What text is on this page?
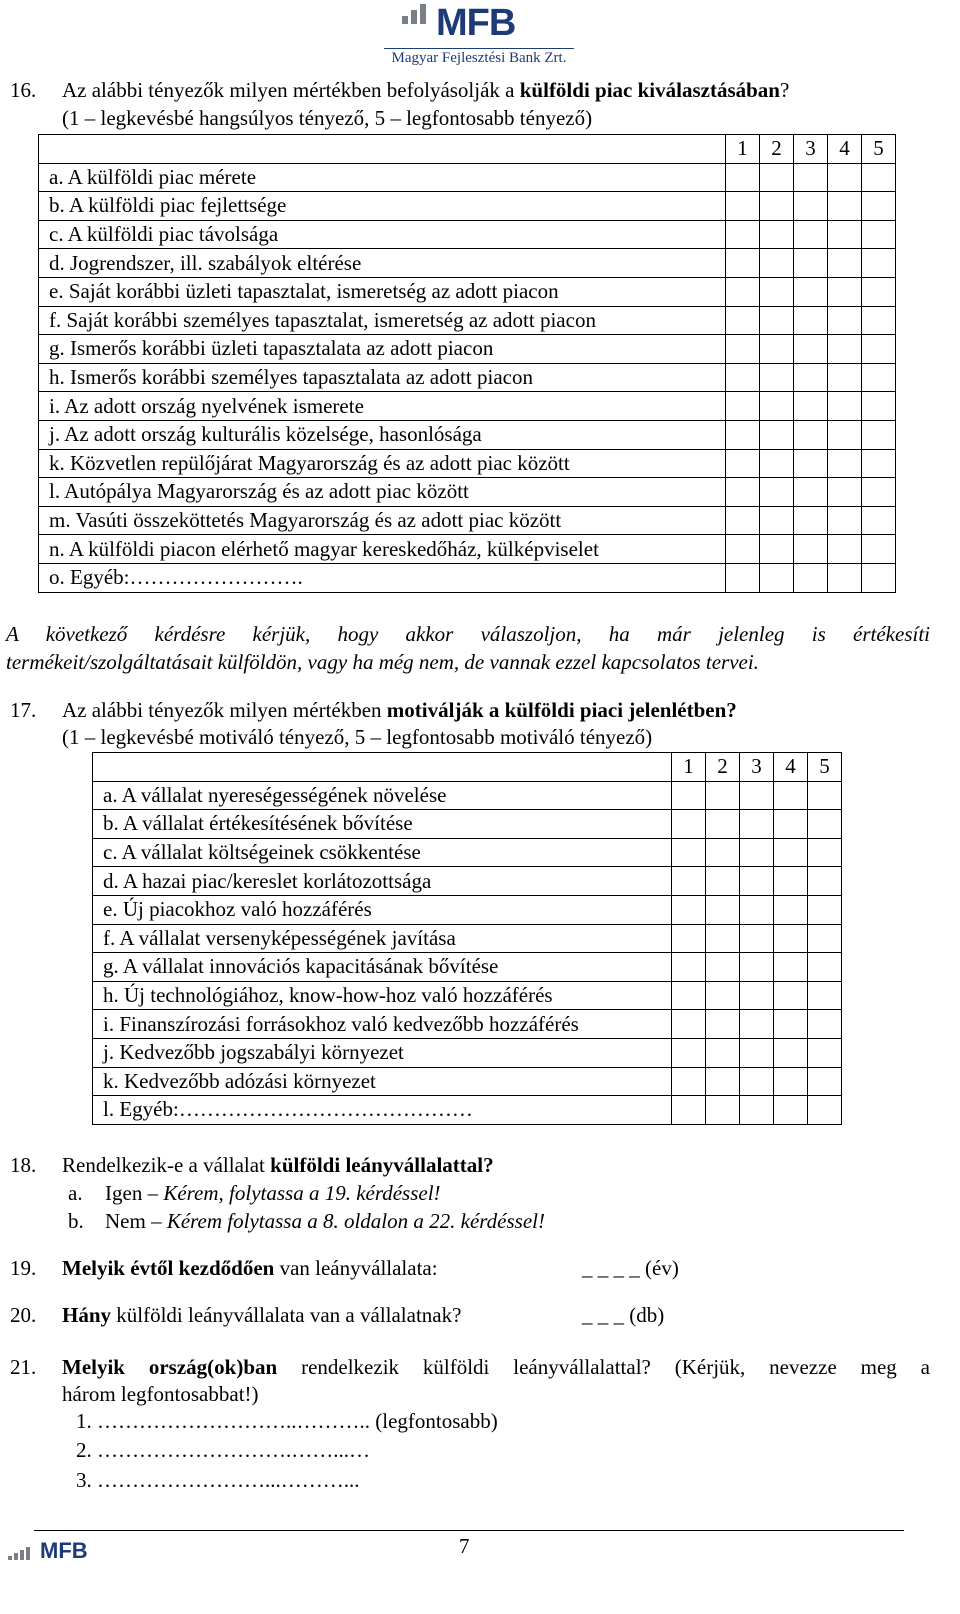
MFB
Magyar Fejlesztési Bank Zrt.
16. Az alábbi tényezők milyen mértékben befolyásolják a külföldi piac kiválasztásában?
(1 – legkevésbé hangsúlyos tényező, 5 – legfontosabb tényező)
	1	2	3	4	5
a. A külföldi piac mérete					
b. A külföldi piac fejlettsége					
c. A külföldi piac távolsága					
d. Jogrendszer, ill. szabályok eltérése					
e. Saját korábbi üzleti tapasztalat, ismeretség az adott piacon					
f. Saját korábbi személyes tapasztalat, ismeretség az adott piacon					
g. Ismerős korábbi üzleti tapasztalata az adott piacon					
h. Ismerős korábbi személyes tapasztalata az adott piacon					
i. Az adott ország nyelvének ismerete					
j. Az adott ország kulturális közelsége, hasonlósága					
k. Közvetlen repülőjárat Magyarország és az adott piac között					
l. Autópálya Magyarország és az adott piac között					
m. Vasúti összeköttetés Magyarország és az adott piac között					
n. A külföldi piacon elérhető magyar kereskedőház, külképviselet					
o. Egyéb:…………………….					
A következő kérdésre kérjük, hogy akkor válaszoljon, ha már jelenleg is értékesíti
termékeit/szolgáltatásait külföldön, vagy ha még nem, de vannak ezzel kapcsolatos tervei.
17. Az alábbi tényezők milyen mértékben motiválják a külföldi piaci jelenlétben?
(1 – legkevésbé motiváló tényező, 5 – legfontosabb motiváló tényező)
	1	2	3	4	5
a. A vállalat nyereségességének növelése					
b. A vállalat értékesítésének bővítése					
c. A vállalat költségeinek csökkentése					
d. A hazai piac/kereslet korlátozottsága					
e. Új piacokhoz való hozzáférés					
f. A vállalat versenyképességének javítása					
g. A vállalat innovációs kapacitásának bővítése					
h. Új technológiához, know-how-hoz való hozzáférés					
i. Finanszírozási forrásokhoz való kedvezőbb hozzáférés					
j. Kedvezőbb jogszabályi környezet					
k. Kedvezőbb adózási környezet					
l. Egyéb:……………………………………					
18. Rendelkezik-e a vállalat külföldi leányvállalattal?
a. Igen – Kérem, folytassa a 19. kérdéssel!
b. Nem – Kérem folytassa a 8. oldalon a 22. kérdéssel!
19. Melyik évtől kezdődően van leányvállalata:	_ _ _ _ (év)
20. Hány külföldi leányvállalata van a vállalatnak?	_ _ _ (db)
21. Melyik ország(ok)ban rendelkezik külföldi leányvállalattal? (Kérjük, nevezze meg a
három legfontosabbat!)
1. ………………………..……….. (legfontosabb)
2. ……………………….……...…
3. ……………………...………...
7
MFB
